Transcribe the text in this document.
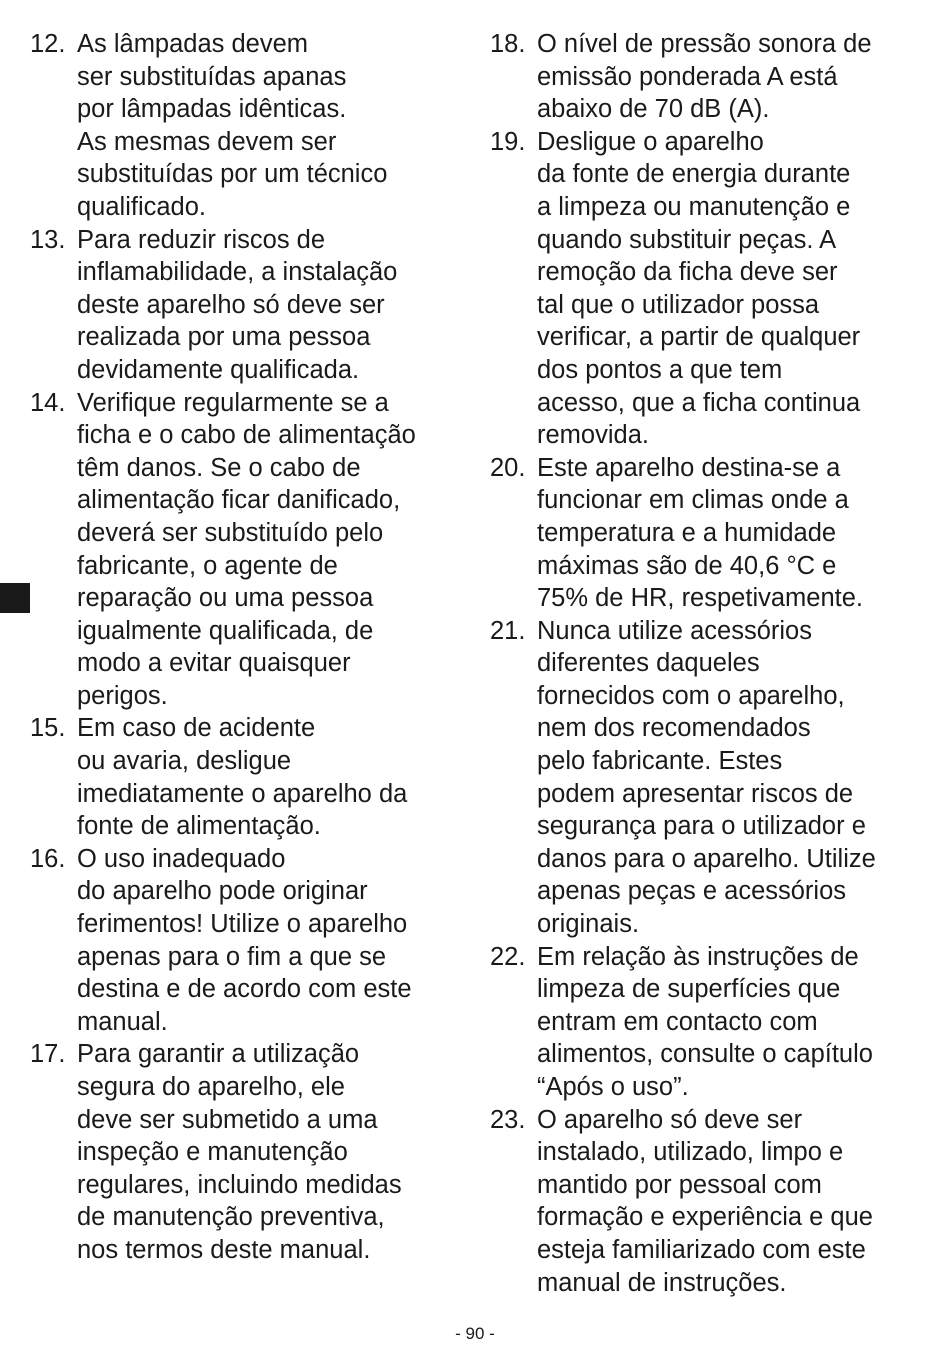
12. As lâmpadas devem
ser substituídas apanas
por lâmpadas idênticas.
As mesmas devem ser
substituídas por um técnico
qualificado.
13. Para reduzir riscos de
inflamabilidade, a instalação
deste aparelho só deve ser
realizada por uma pessoa
devidamente qualificada.
14. Verifique regularmente se a
ficha e o cabo de alimentação
têm danos. Se o cabo de
alimentação ficar danificado,
deverá ser substituído pelo
fabricante, o agente de
reparação ou uma pessoa
igualmente qualificada, de
modo a evitar quaisquer
perigos.
15. Em caso de acidente
ou avaria, desligue
imediatamente o aparelho da
fonte de alimentação.
16. O uso inadequado
do aparelho pode originar
ferimentos! Utilize o aparelho
apenas para o fim a que se
destina e de acordo com este
manual.
17. Para garantir a utilização
segura do aparelho, ele
deve ser submetido a uma
inspeção e manutenção
regulares, incluindo medidas
de manutenção preventiva,
nos termos deste manual.
18. O nível de pressão sonora de
emissão ponderada A está
abaixo de 70 dB (A).
19. Desligue o aparelho
da fonte de energia durante
a limpeza ou manutenção e
quando substituir peças. A
remoção da ficha deve ser
tal que o utilizador possa
verificar, a partir de qualquer
dos pontos a que tem
acesso, que a ficha continua
removida.
20. Este aparelho destina-se a
funcionar em climas onde a
temperatura e a humidade
máximas são de 40,6 °C e
75% de HR, respetivamente.
21. Nunca utilize acessórios
diferentes daqueles
fornecidos com o aparelho,
nem dos recomendados
pelo fabricante. Estes
podem apresentar riscos de
segurança para o utilizador e
danos para o aparelho. Utilize
apenas peças e acessórios
originais.
22. Em relação às instruções de
limpeza de superfícies que
entram em contacto com
alimentos, consulte o capítulo
“Após o uso”.
23. O aparelho só deve ser
instalado, utilizado, limpo e
mantido por pessoal com
formação e experiência e que
esteja familiarizado com este
manual de instruções.
- 90 -
